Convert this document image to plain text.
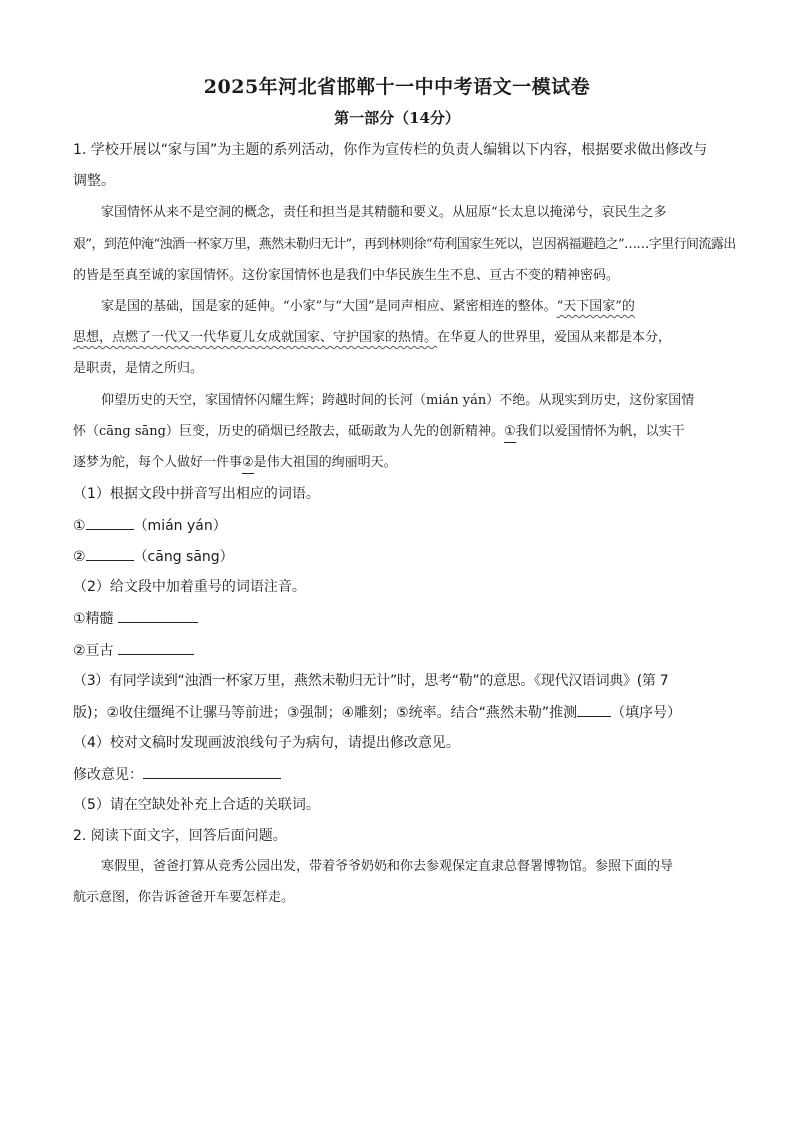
2025年河北省邯郸十一中中考语文一模试卷
第一部分（14分）
1. 学校开展以“家与国”为主题的系列活动，你作为宣传栏的负责人编辑以下内容，根据要求做出修改与
调整。
家国情怀从来不是空洞的概念，责任和担当是其精髓和要义。从屈原“长太息以掩涕兮，哀民生之多
艰”，到范仲淹“浊酒一杯家万里，燕然未勒归无计”，再到林则徐“苟利国家生死以，岂因祸福避趋之”……字里行间流露出
的皆是至真至诚的家国情怀。这份家国情怀也是我们中华民族生生不息、亘古不变的精神密码。
家是国的基础，国是家的延伸。“小家”与“大国”是同声相应、紧密相连的整体。“天下国家”的
思想，点燃了一代又一代华夏儿女成就国家、守护国家的热情。在华夏人的世界里，爱国从来都是本分，
是职责，是情之所归。
仰望历史的天空，家国情怀闪耀生辉；跨越时间的长河（mián yán）不绝。从现实到历史，这份家国情
怀（cāng sāng）巨变，历史的硝烟已经散去，砥砺敢为人先的创新精神。①我们以爱国情怀为帆，以实干
逐梦为舵，每个人做好一件事②是伟大祖国的绚丽明天。
（1）根据文段中拼音写出相应的词语。
①	（mián yán）
②	（cāng sāng）
（2）给文段中加着重号的词语注音。
①精髓
②亘古
（3）有同学读到“浊酒一杯家万里，燕然未勒归无计”时，思考“勒”的意思。《现代汉语词典》(第 7
版)；②收住缰绳不让骡马等前进；③强制；④雕刻；⑤统率。结合“燕然未勒”推测 （填序号）
（4）校对文稿时发现画波浪线句子为病句，请提出修改意见。
修改意见：
（5）请在空缺处补充上合适的关联词。
2. 阅读下面文字，回答后面问题。
寒假里，爸爸打算从竞秀公园出发，带着爷爷奶奶和你去参观保定直隶总督署博物馆。参照下面的导
航示意图，你告诉爸爸开车要怎样走。
